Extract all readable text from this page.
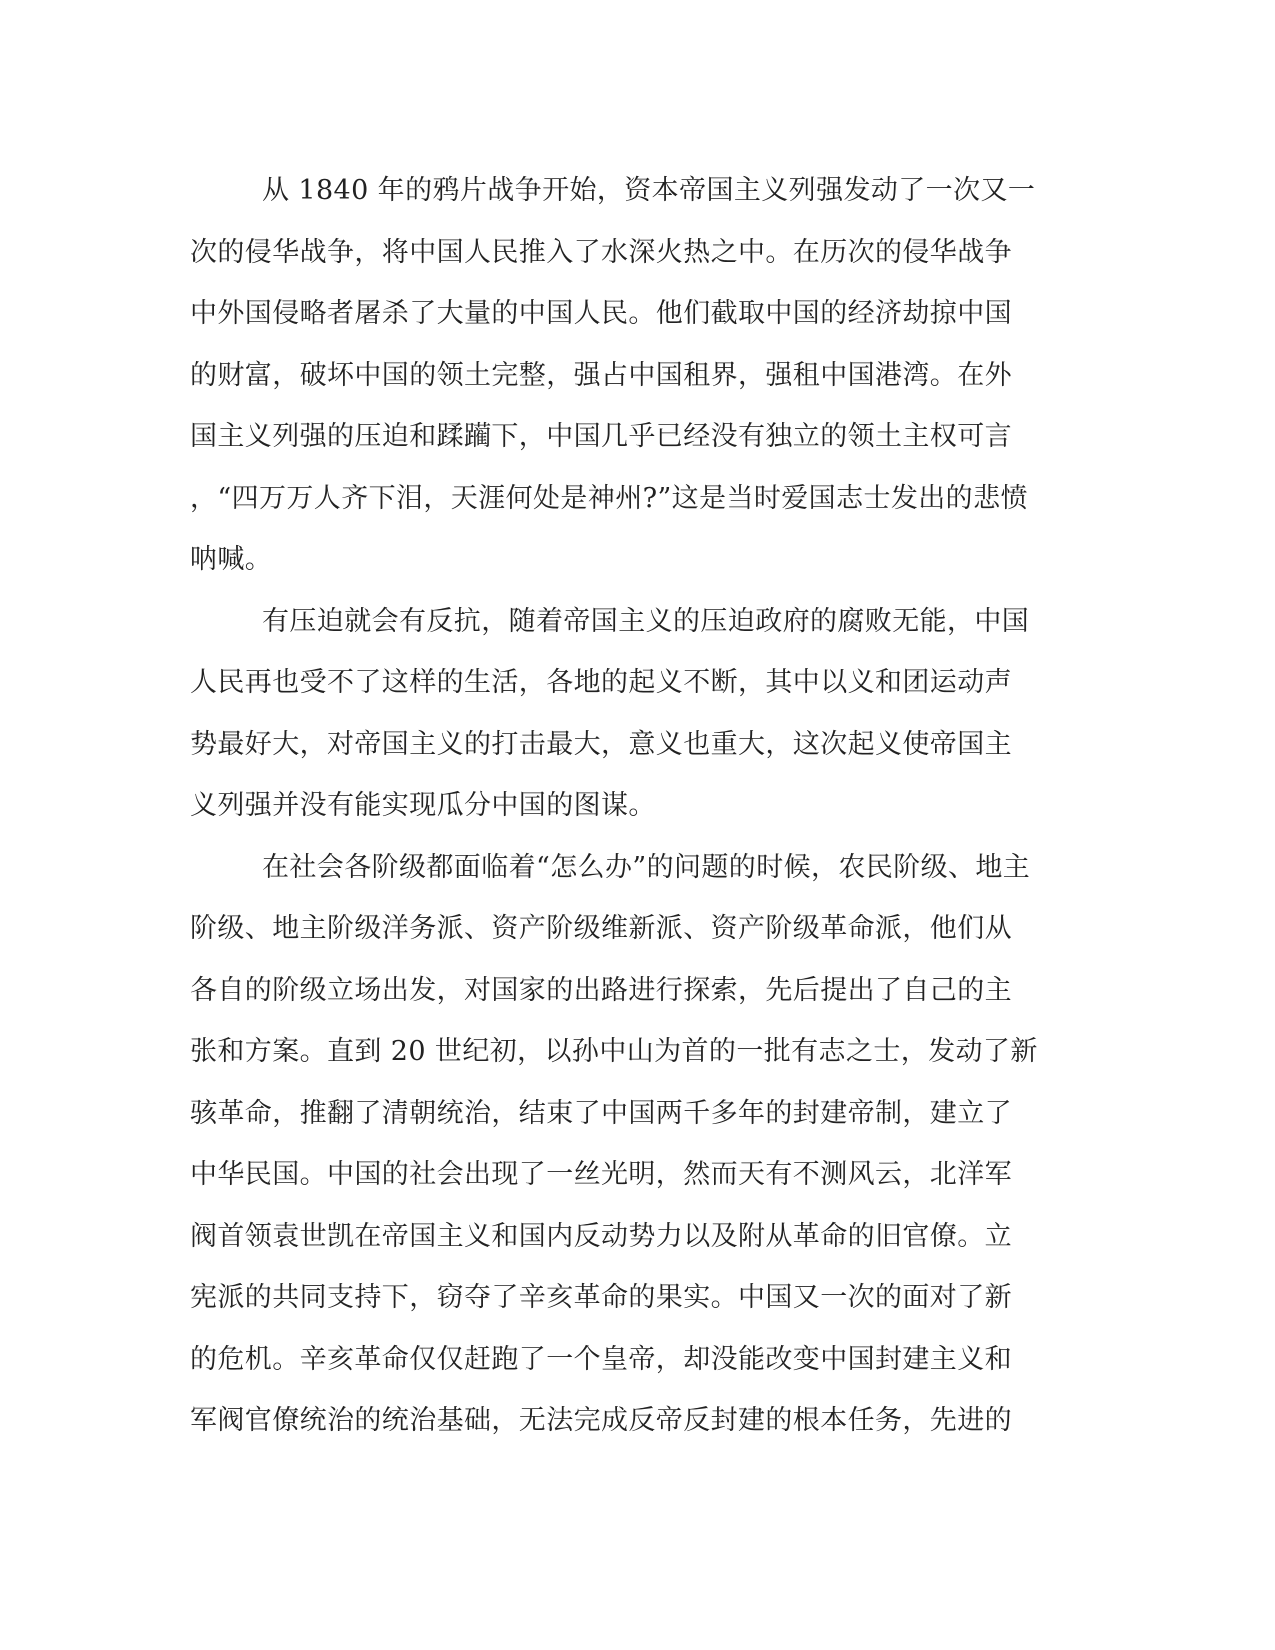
从 1840 年的鸦片战争开始，资本帝国主义列强发动了一次又一
次的侵华战争，将中国人民推入了水深火热之中。在历次的侵华战争
中外国侵略者屠杀了大量的中国人民。他们截取中国的经济劫掠中国
的财富，破坏中国的领土完整，强占中国租界，强租中国港湾。在外
国主义列强的压迫和蹂躏下，中国几乎已经没有独立的领土主权可言
，“四万万人齐下泪，天涯何处是神州?”这是当时爱国志士发出的悲愤
呐喊。
有压迫就会有反抗，随着帝国主义的压迫政府的腐败无能，中国
人民再也受不了这样的生活，各地的起义不断，其中以义和团运动声
势最好大，对帝国主义的打击最大，意义也重大，这次起义使帝国主
义列强并没有能实现瓜分中国的图谋。
在社会各阶级都面临着“怎么办”的问题的时候，农民阶级、地主
阶级、地主阶级洋务派、资产阶级维新派、资产阶级革命派，他们从
各自的阶级立场出发，对国家的出路进行探索，先后提出了自己的主
张和方案。直到 20 世纪初，以孙中山为首的一批有志之士，发动了新
骇革命，推翻了清朝统治，结束了中国两千多年的封建帝制，建立了
中华民国。中国的社会出现了一丝光明，然而天有不测风云，北洋军
阀首领袁世凯在帝国主义和国内反动势力以及附从革命的旧官僚。立
宪派的共同支持下，窃夺了辛亥革命的果实。中国又一次的面对了新
的危机。辛亥革命仅仅赶跑了一个皇帝，却没能改变中国封建主义和
军阀官僚统治的统治基础，无法完成反帝反封建的根本任务，先进的
